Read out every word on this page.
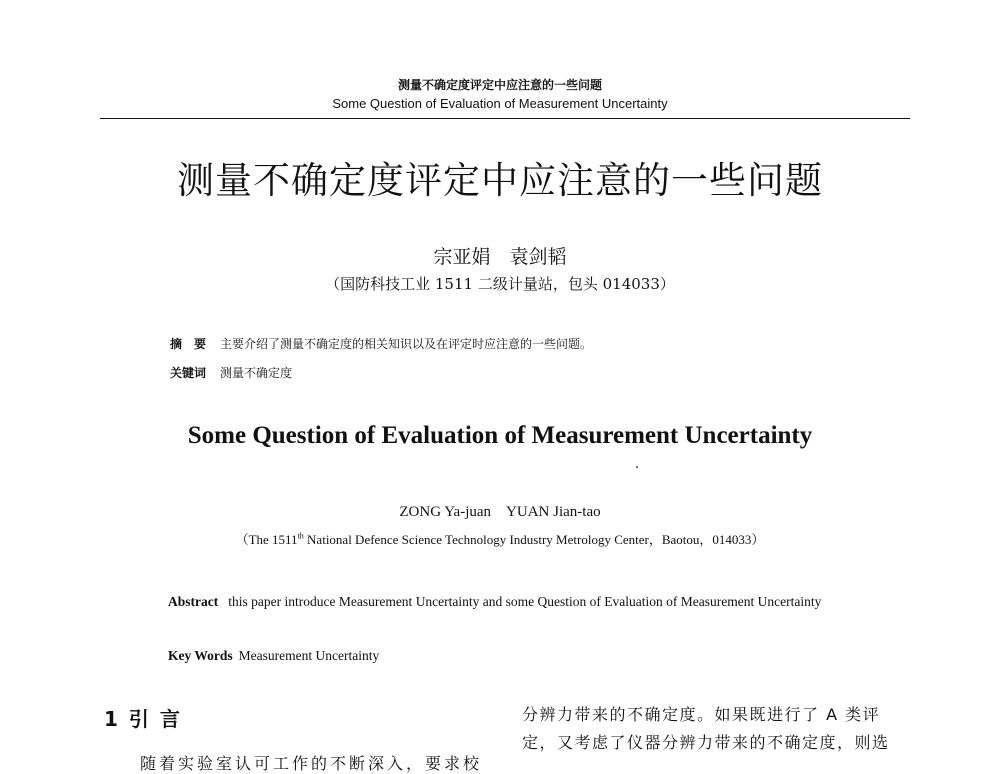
测量不确定度评定中应注意的一些问题
Some Question of Evaluation of Measurement Uncertainty
测量不确定度评定中应注意的一些问题
宗亚娟　袁剑韬
（国防科技工业 1511 二级计量站，包头 014033）
摘　要 主要介绍了测量不确定度的相关知识以及在评定时应注意的一些问题。
关键词 测量不确定度
Some Question of Evaluation of Measurement Uncertainty
ZONG Ya-juan　YUAN Jian-tao
（The 1511th National Defence Science Technology Industry Metrology Center，Baotou，014033）
Abstract this paper introduce Measurement Uncertainty and some Question of Evaluation of Measurement Uncertainty
Key Words Measurement Uncertainty
1 引 言
随着实验室认可工作的不断深入，要求校
分辨力带来的不确定度。如果既进行了 A 类评
定，又考虑了仪器分辨力带来的不确定度，则选
